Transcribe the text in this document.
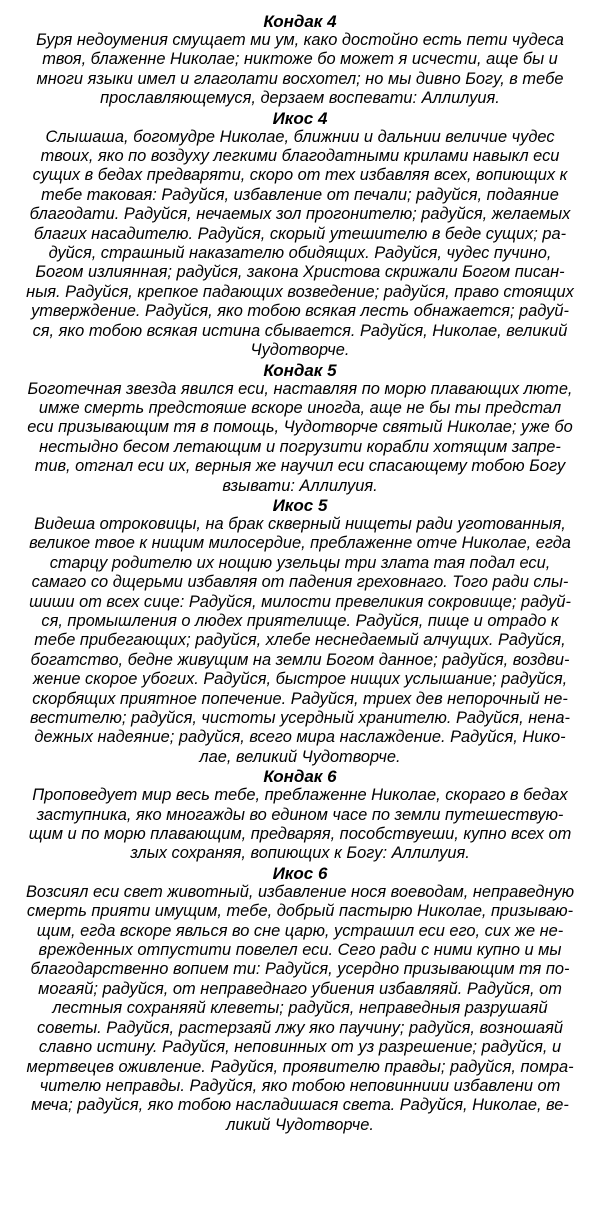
Кондак 4
Буря недоумения смущает ми ум, како достойно есть пети чудеса
твоя, блаженне Николае; никтоже бо может я исчести, аще бы и
многи языки имел и глаголати восхотел; но мы дивно Богу, в тебе
прославляющемуся, дерзаем воспевати: Аллилуия.
Икос 4
Слышаша, богомудре Николае, ближнии и дальнии величие чудес
твоих, яко по воздуху легкими благодатными крилами навыкл еси
сущих в бедах предваряти, скоро от тех избавляя всех, вопиющих к
тебе таковая: Радуйся, избавление от печали; радуйся, подаяние
благодати. Радуйся, нечаемых зол прогонителю; радуйся, желаемых
благих насадителю. Радуйся, скорый утешителю в беде сущих; ра-
дуйся, страшный наказателю обидящих. Радуйся, чудес пучино,
Богом излиянная; радуйся, закона Христова скрижали Богом писан-
ныя. Радуйся, крепкое падающих возведение; радуйся, право стоящих
утверждение. Радуйся, яко тобою всякая лесть обнажается; радуй-
ся, яко тобою всякая истина сбывается. Радуйся, Николае, великий
Чудотворче.
Кондак 5
Боготечная звезда явился еси, наставляя по морю плавающих люте,
имже смерть предстояше вскоре иногда, аще не бы ты предстал
еси призывающим тя в помощь, Чудотворче святый Николае; уже бо
нестыдно бесом летающим и погрузити корабли хотящим запре-
тив, отгнал еси их, верныя же научил еси спасающему тобою Богу
взывати: Аллилуия.
Икос 5
Видеша отроковицы, на брак скверный нищеты ради уготованныя,
великое твое к нищим милосердие, преблаженне отче Николае, егда
старцу родителю их нощию узельцы три злата тая подал еси,
самаго со дщерьми избавляя от падения греховнаго. Того ради слы-
шиши от всех сице: Радуйся, милости превеликия сокровище; радуй-
ся, промышления о людех приятелище. Радуйся, пище и отрадо к
тебе прибегающих; радуйся, хлебе неснедаемый алчущих. Радуйся,
богатство, бедне живущим на земли Богом данное; радуйся, воздви-
жение скорое убогих. Радуйся, быстрое нищих услышание; радуйся,
скорбящих приятное попечение. Радуйся, триех дев непорочный не-
вестителю; радуйся, чистоты усердный хранителю. Радуйся, нена-
дежных надеяние; радуйся, всего мира наслаждение. Радуйся, Нико-
лае, великий Чудотворче.
Кондак 6
Проповедует мир весь тебе, преблаженне Николае, скораго в бедах
заступника, яко многажды во едином часе по земли путешествую-
щим и по морю плавающим, предваряя, пособствуеши, купно всех от
злых сохраняя, вопиющих к Богу: Аллилуия.
Икос 6
Возсиял еси свет животный, избавление нося воеводам, неправедную
смерть прияти имущим, тебе, добрый пастырю Николае, призываю-
щим, егда вскоре явлься во сне царю, устрашил еси его, сих же не-
врежденных отпустити повелел еси. Сего ради с ними купно и мы
благодарственно вопием ти: Радуйся, усердно призывающим тя по-
могаяй; радуйся, от неправеднаго убиения избавляяй. Радуйся, от
лестныя сохраняяй клеветы; радуйся, неправедныя разрушаяй
советы. Радуйся, растерзаяй лжу яко паучину; радуйся, возношаяй
славно истину. Радуйся, неповинных от уз разрешение; радуйся, и
мертвецев оживление. Радуйся, проявителю правды; радуйся, помра-
чителю неправды. Радуйся, яко тобою неповинниии избавлени от
меча; радуйся, яко тобою насладишася света. Радуйся, Николае, ве-
ликий Чудотворче.
